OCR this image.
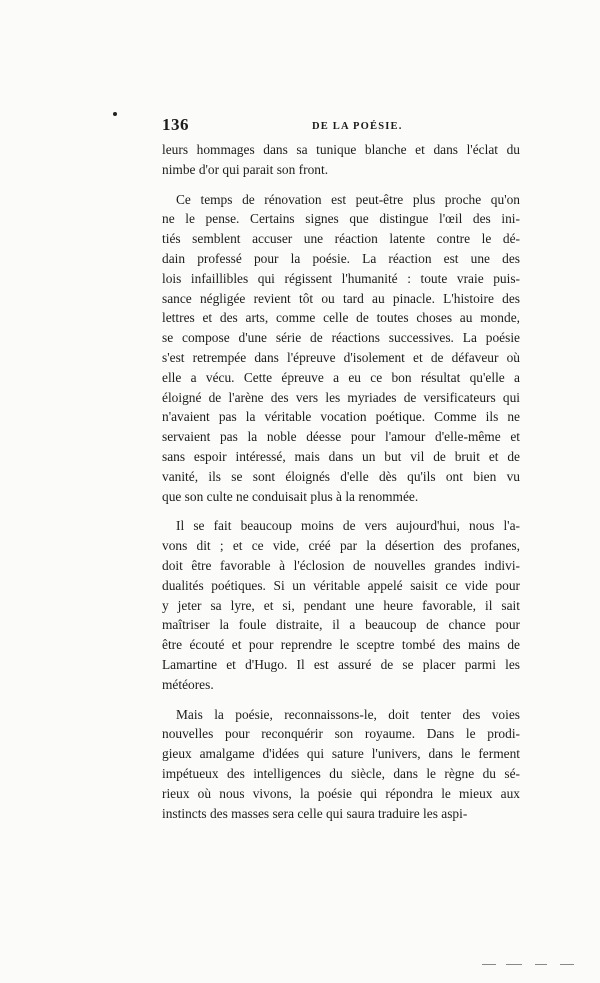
136	DE LA POÉSIE.
leurs hommages dans sa tunique blanche et dans l'éclat du
nimbe d'or qui parait son front.
Ce temps de rénovation est peut-être plus proche qu'on
ne le pense. Certains signes que distingue l'œil des ini-
tiés semblent accuser une réaction latente contre le dé-
dain professé pour la poésie. La réaction est une des
lois infaillibles qui régissent l'humanité : toute vraie puis-
sance négligée revient tôt ou tard au pinacle. L'histoire des
lettres et des arts, comme celle de toutes choses au monde,
se compose d'une série de réactions successives. La poésie
s'est retrempée dans l'épreuve d'isolement et de défaveur où
elle a vécu. Cette épreuve a eu ce bon résultat qu'elle a
éloigné de l'arène des vers les myriades de versificateurs qui
n'avaient pas la véritable vocation poétique. Comme ils ne
servaient pas la noble déesse pour l'amour d'elle-même et
sans espoir intéressé, mais dans un but vil de bruit et de
vanité, ils se sont éloignés d'elle dès qu'ils ont bien vu
que son culte ne conduisait plus à la renommée.
Il se fait beaucoup moins de vers aujourd'hui, nous l'a-
vons dit ; et ce vide, créé par la désertion des profanes,
doit être favorable à l'éclosion de nouvelles grandes indivi-
dualités poétiques. Si un véritable appelé saisit ce vide pour
y jeter sa lyre, et si, pendant une heure favorable, il sait
maîtriser la foule distraite, il a beaucoup de chance pour
être écouté et pour reprendre le sceptre tombé des mains de
Lamartine et d'Hugo. Il est assuré de se placer parmi les
météores.
Mais la poésie, reconnaissons-le, doit tenter des voies
nouvelles pour reconquérir son royaume. Dans le prodi-
gieux amalgame d'idées qui sature l'univers, dans le ferment
impétueux des intelligences du siècle, dans le règne du sé-
rieux où nous vivons, la poésie qui répondra le mieux aux
instincts des masses sera celle qui saura traduire les aspi-
